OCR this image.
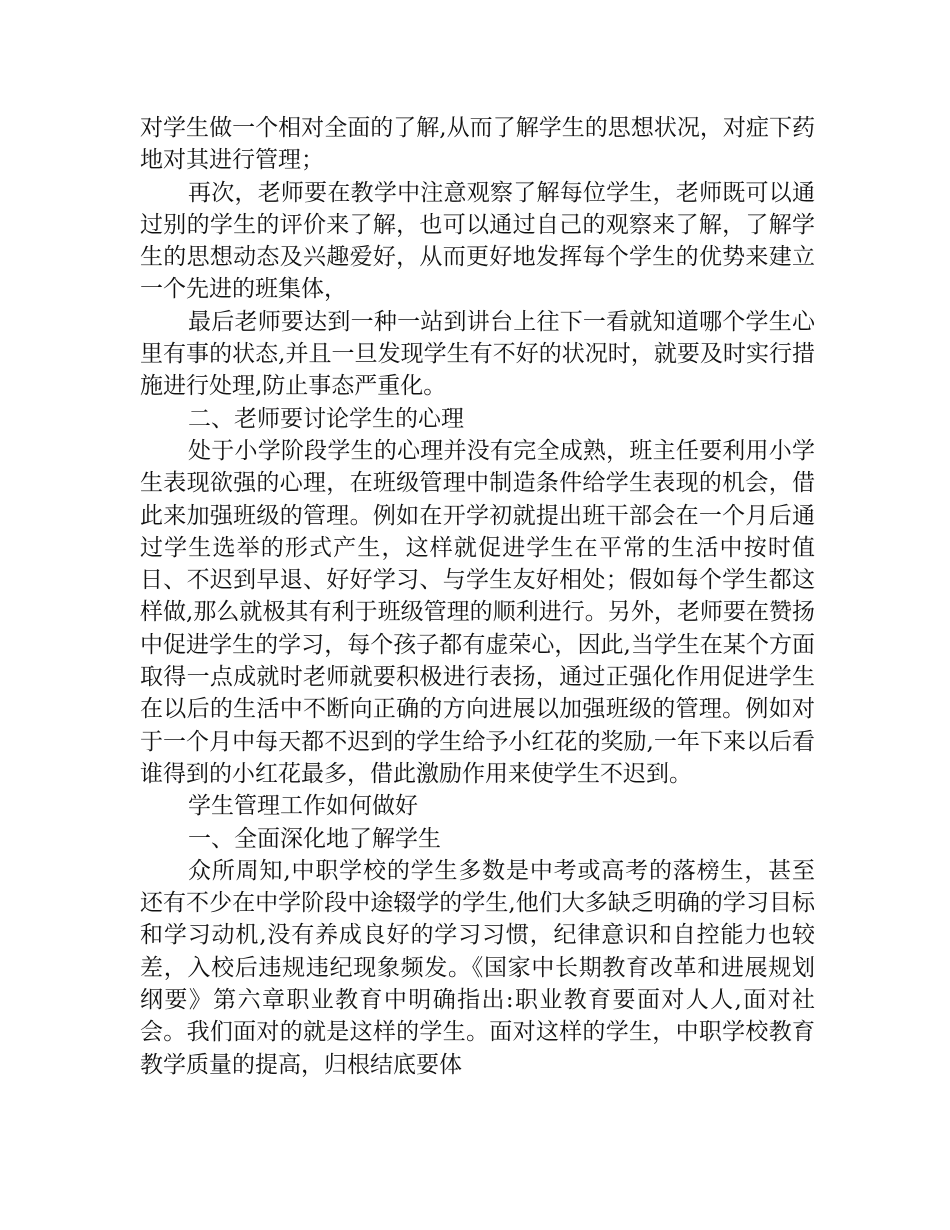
对学生做一个相对全面的了解,从而了解学生的思想状况，对症下药地对其进行管理；

再次，老师要在教学中注意观察了解每位学生，老师既可以通过别的学生的评价来了解，也可以通过自己的观察来了解，了解学生的思想动态及兴趣爱好，从而更好地发挥每个学生的优势来建立一个先进的班集体，

最后老师要达到一种一站到讲台上往下一看就知道哪个学生心里有事的状态,并且一旦发现学生有不好的状况时，就要及时实行措施进行处理,防止事态严重化。

二、老师要讨论学生的心理

处于小学阶段学生的心理并没有完全成熟，班主任要利用小学生表现欲强的心理，在班级管理中制造条件给学生表现的机会，借此来加强班级的管理。例如在开学初就提出班干部会在一个月后通过学生选举的形式产生，这样就促进学生在平常的生活中按时值日、不迟到早退、好好学习、与学生友好相处；假如每个学生都这样做,那么就极其有利于班级管理的顺利进行。另外，老师要在赞扬中促进学生的学习，每个孩子都有虚荣心，因此,当学生在某个方面取得一点成就时老师就要积极进行表扬，通过正强化作用促进学生在以后的生活中不断向正确的方向进展以加强班级的管理。例如对于一个月中每天都不迟到的学生给予小红花的奖励,一年下来以后看谁得到的小红花最多，借此激励作用来使学生不迟到。

学生管理工作如何做好

一、全面深化地了解学生

众所周知,中职学校的学生多数是中考或高考的落榜生，甚至还有不少在中学阶段中途辍学的学生,他们大多缺乏明确的学习目标和学习动机,没有养成良好的学习习惯，纪律意识和自控能力也较差，入校后违规违纪现象频发。《国家中长期教育改革和进展规划纲要》第六章职业教育中明确指出:职业教育要面对人人,面对社会。我们面对的就是这样的学生。面对这样的学生，中职学校教育教学质量的提高，归根结底要体
